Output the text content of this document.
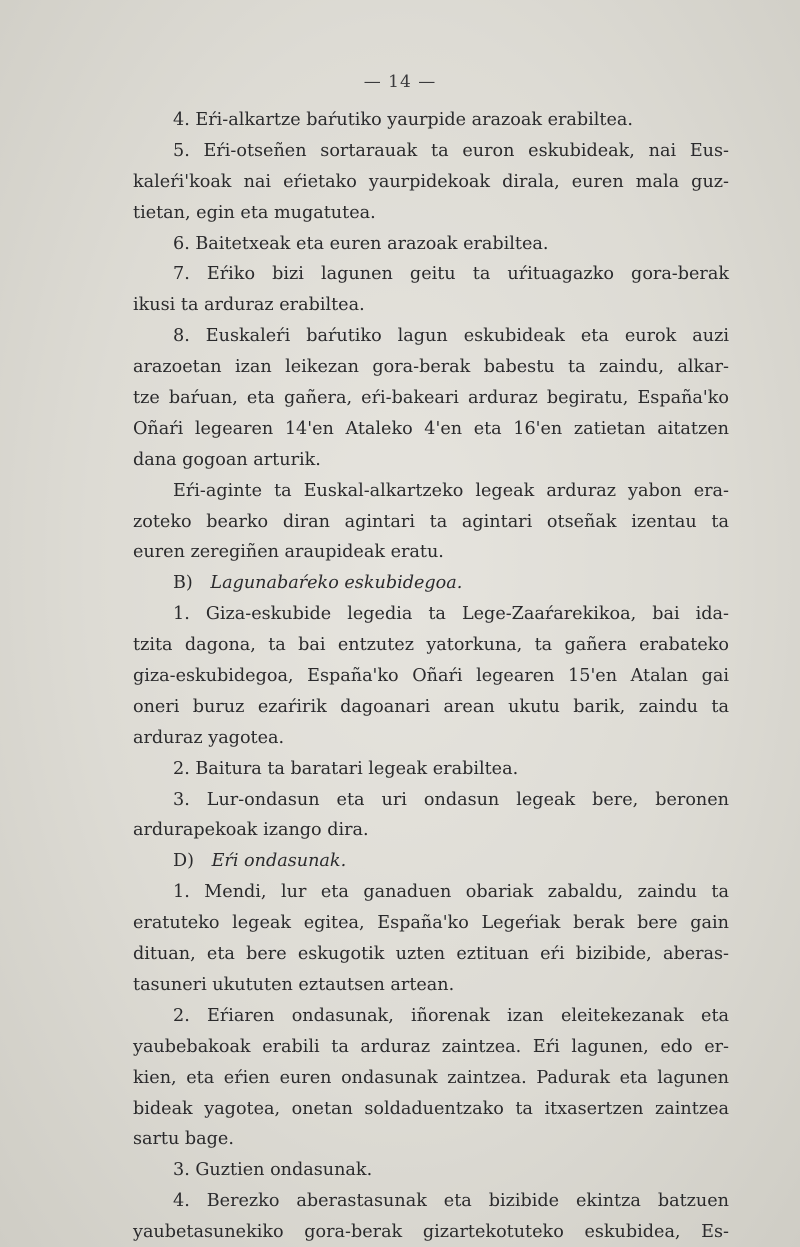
— 14 —
4. Eŕi-alkartze baŕutiko yaurpide arazoak erabiltea.
5. Eŕi-otseñen sortarauak ta euron eskubideak, nai Eus-
kaleŕi'koak nai eŕietako yaurpidekoak dirala, euren mala guz-
tietan, egin eta mugatutea.
6. Baitetxeak eta euren arazoak erabiltea.
7. Eŕiko bizi lagunen geitu ta uŕituagazko gora-berak
ikusi ta arduraz erabiltea.
8. Euskaleŕi baŕutiko lagun eskubideak eta eurok auzi
arazoetan izan leikezan gora-berak babestu ta zaindu, alkar-
tze baŕuan, eta gañera, eŕi-bakeari arduraz begiratu, España'ko
Oñaŕi legearen 14'en Ataleko 4'en eta 16'en zatietan aitatzen
dana gogoan arturik.
Eŕi-aginte ta Euskal-alkartzeko legeak arduraz yabon era-
zoteko bearko diran agintari ta agintari otseñak izentau ta
euren zeregiñen araupideak eratu.
B)  Lagunabaŕeko eskubidegoa.
1. Giza-eskubide legedia ta Lege-Zaaŕarekikoa, bai ida-
tzita dagona, ta bai entzutez yatorkuna, ta gañera erabateko
giza-eskubidegoa, España'ko Oñaŕi legearen 15'en Atalan gai
oneri buruz ezaŕirik dagoanari arean ukutu barik, zaindu ta
arduraz yagotea.
2. Baitura ta baratari legeak erabiltea.
3. Lur-ondasun eta uri ondasun legeak bere, beronen
ardurapekoak izango dira.
D)  Eŕi ondasunak.
1. Mendi, lur eta ganaduen obariak zabaldu, zaindu ta
eratuteko legeak egitea, España'ko Legeŕiak berak bere gain
dituan, eta bere eskugotik uzten eztituan eŕi bizibide, aberas-
tasuneri ukututen eztautsen artean.
2. Eŕiaren ondasunak, iñorenak izan eleitekezanak eta
yaubebakoak erabili ta arduraz zaintzea. Eŕi lagunen, edo er-
kien, eta eŕien euren ondasunak zaintzea. Padurak eta lagunen
bideak yagotea, onetan soldaduentzako ta itxasertzen zaintzea
sartu bage.
3. Guztien ondasunak.
4. Berezko aberastasunak eta bizibide ekintza batzuen
yaubetasunekiko gora-berak gizartekotuteko eskubidea, Es-
